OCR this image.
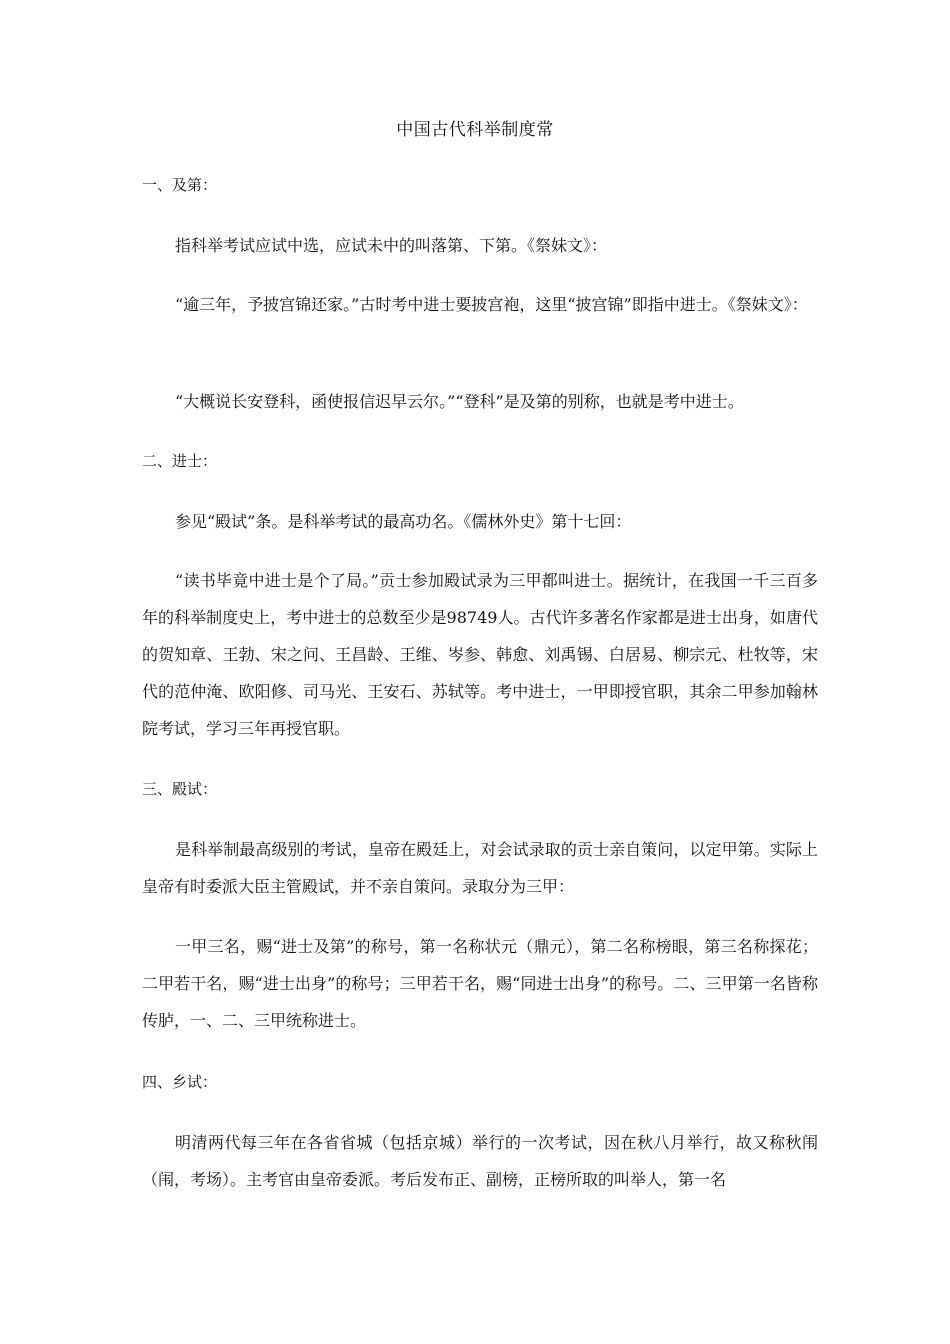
中国古代科举制度常
一、及第：

指科举考试应试中选，应试未中的叫落第、下第。《祭妹文》：

“逾三年，予披宫锦还家。”古时考中进士要披宫袍，这里“披宫锦”即指中进士。《祭妹文》：

“大概说长安登科，函使报信迟早云尔。”“登科”是及第的别称，也就是考中进士。

二、进士：

参见“殿试”条。是科举考试的最高功名。《儒林外史》第十七回：

“读书毕竟中进士是个了局。”贡士参加殿试录为三甲都叫进士。据统计，在我国一千三百多年的科举制度史上，考中进士的总数至少是98749人。古代许多著名作家都是进士出身，如唐代的贺知章、王勃、宋之问、王昌龄、王维、岑参、韩愈、刘禹锡、白居易、柳宗元、杜牧等，宋代的范仲淹、欧阳修、司马光、王安石、苏轼等。考中进士，一甲即授官职，其余二甲参加翰林院考试，学习三年再授官职。

三、殿试：

是科举制最高级别的考试，皇帝在殿廷上，对会试录取的贡士亲自策问，以定甲第。实际上皇帝有时委派大臣主管殿试，并不亲自策问。录取分为三甲：

一甲三名，赐“进士及第”的称号，第一名称状元（鼎元），第二名称榜眼，第三名称探花；二甲若干名，赐“进士出身”的称号；三甲若干名，赐“同进士出身”的称号。二、三甲第一名皆称传胪，一、二、三甲统称进士。

四、乡试：

明清两代每三年在各省省城（包括京城）举行的一次考试，因在秋八月举行，故又称秋闱（闱，考场）。主考官由皇帝委派。考后发布正、副榜，正榜所取的叫举人，第一名
